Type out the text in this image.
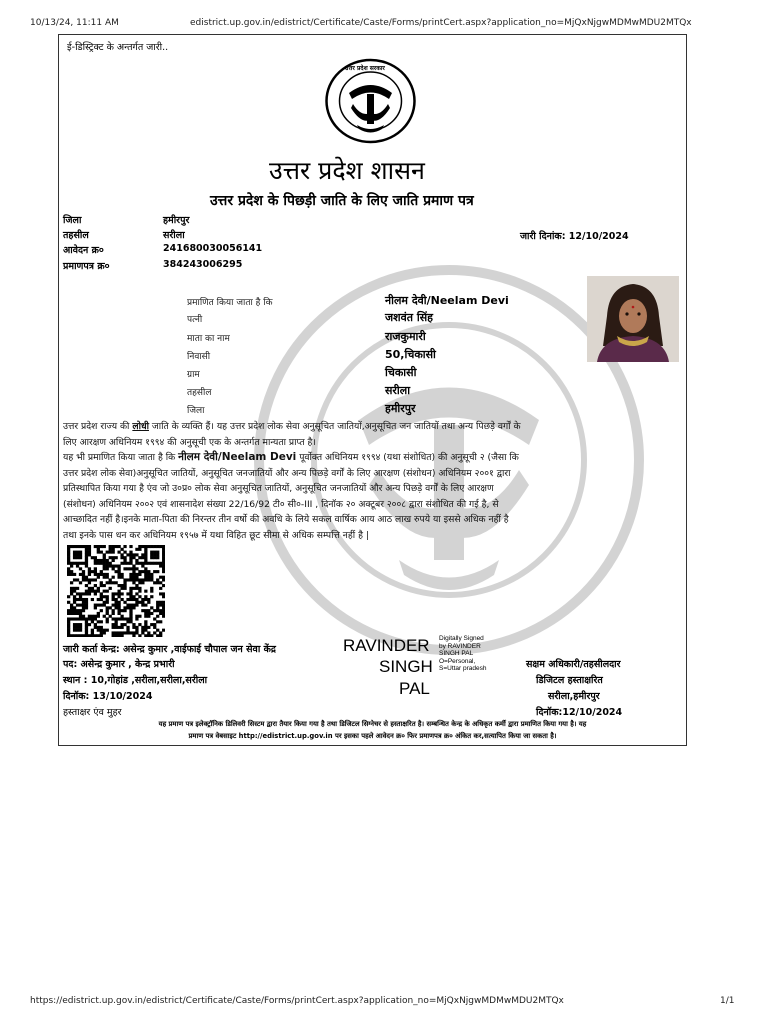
10/13/24, 11:11 AM	edistrict.up.gov.in/edistrict/Certificate/Caste/Forms/printCert.aspx?application_no=MjQxNjgwMDMwMDU2MTQx
ई-डिस्ट्रिक्ट के अन्तर्गत जारी..
उत्तर प्रदेश सरकार
उत्तर प्रदेश शासन
उत्तर प्रदेश के पिछड़ी जाति के लिए जाति प्रमाण पत्र
जिला	हमीरपुर
तहसील	सरीला
आवेदन क्र०	241680030056141
प्रमाणपत्र क्र०	384243006295
जारी दिनांक: 12/10/2024
प्रमाणित किया जाता है कि	नीलम देवी/Neelam Devi
पत्नी	जशवंत सिंह
माता का नाम	राजकुमारी
निवासी	50,चिकासी
ग्राम	चिकासी
तहसील	सरीला
जिला	हमीरपुर
उत्तर प्रदेश राज्य की लोधी जाति के व्यक्ति हैं। यह उत्तर प्रदेश लोक सेवा अनुसूचित जातियों,अनुसूचित जन जातियों तथा अन्य पिछड़े वर्गों के
लिए आरक्षण अधिनियम १९९४ की अनुसूची एक के अन्तर्गत मान्यता प्राप्त है।
यह भी प्रमाणित किया जाता है कि नीलम देवी/Neelam Devi पूर्वोक्त अधिनियम १९९४ (यथा संशोधित) की अनुसूची २ (जैसा कि
उत्तर प्रदेश लोक सेवा)अनुसूचित जातियों, अनुसूचित जनजातियों और अन्य पिछड़े वर्गों के लिए आरक्षण (संशोधन) अधिनियम २००१ द्वारा
प्रतिस्थापित किया गया है एंव जो उ०प्र० लोक सेवा अनुसूचित जातियों, अनुसूचित जनजातियों और अन्य पिछड़े वर्गों के लिए आरक्षण
(संशोधन) अधिनियम २००२ एवं शासनादेश संख्या 22/16/92 टी० सी०-III , दिनॉक २० अक्टूबर २००८ द्वारा संशोधित की गई है, से
आच्छादित नहीं है।इनके माता-पिता की निरन्तर तीन वर्षो की अवधि के लिये सकल वार्षिक आय आठ लाख रुपये या इससे अधिक नहीं है
तथा इनके पास धन कर अधिनियम १९५७ में यथा विहित छूट सीमा से अधिक सम्पत्ति नहीं है |
जारी कर्ता केन्द्र: असेन्द्र कुमार ,वाईफाई चौपाल जन सेवा केंद्र
पद: असेन्द्र कुमार , केन्द्र प्रभारी
स्थान : 10,गोहांड ,सरीला,सरीला,सरीला
दिनॉक: 13/10/2024
हस्ताक्षर एंव मुहर
RAVINDER
SINGH
PAL
Digitally Signed
by RAVINDER
SINGH PAL
O=Personal,
S=Uttar pradesh	सक्षम अधिकारी/तहसीलदार
डिजिटल हस्ताक्षरित
सरीला,हमीरपुर
दिनॉक:12/10/2024
यह प्रमाण पत्र इलेक्ट्रॉनिक डिलिवरी सिस्टम द्वारा तैयार किया गया है तथा डिजिटल सिग्नेचर से हस्ताक्षरित है। सम्बन्धित केन्द्र के अधिकृत कर्मी द्वारा प्रमाणित किया गया है। यह
प्रमाण पत्र वेबसाइट http://edistrict.up.gov.in पर इसका पहले आवेदन क्र० फिर प्रमाणपत्र क्र० अंकित कर,सत्यापित किया जा सकता है।
https://edistrict.up.gov.in/edistrict/Certificate/Caste/Forms/printCert.aspx?application_no=MjQxNjgwMDMwMDU2MTQx	1/1
